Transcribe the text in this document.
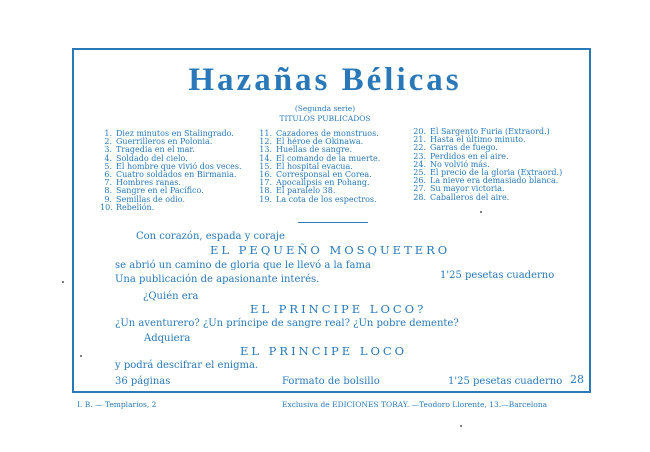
Hazañas Bélicas
(Segunda serie)
TITULOS PUBLICADOS
1. Diez minutos en Stalingrado.
2. Guerrilleros en Polonia.
3. Tragedia en el mar.
4. Soldado del cielo.
5. El hombre que vivió dos veces.
6. Cuatro soldados en Birmania.
7. Hombres ranas.
8. Sangre en el Pacífico.
9. Semillas de odio.
10. Rebelión.
11. Cazadores de monstruos.
12. El héroe de Okinawa.
13. Huellas de sangre.
14. El comando de la muerte.
15. El hospital evacua.
16. Corresponsal en Corea.
17. Apocalipsis en Pohang.
18. El paralelo 38.
19. La cota de los espectros.
20. El Sargento Furia (Extraord.)
21. Hasta el último minuto.
22. Garras de fuego.
23. Perdidos en el aire.
24. No volvió más.
25. El precio de la gloria (Extraord.)
26. La nieve era demasiado blanca.
27. Su mayor victoria.
28. Caballeros del aire.
Con corazón, espada y coraje
EL PEQUEÑO MOSQUETERO
se abrió un camino de gloria que le llevó a la fama
Una publicación de apasionante interés.	1'25 pesetas cuaderno
¿Quién era
EL PRINCIPE LOCO?
¿Un aventurero? ¿Un príncipe de sangre real? ¿Un pobre demente?
Adquiera
EL PRINCIPE LOCO
y podrá descifrar el enigma.
36 páginas	Formato de bolsillo	1'25 pesetas cuaderno 28
I. B. — Templarios, 2	Exclusiva de EDICIONES TORAY. —Teodoro Llorente, 13.—Barcelona
